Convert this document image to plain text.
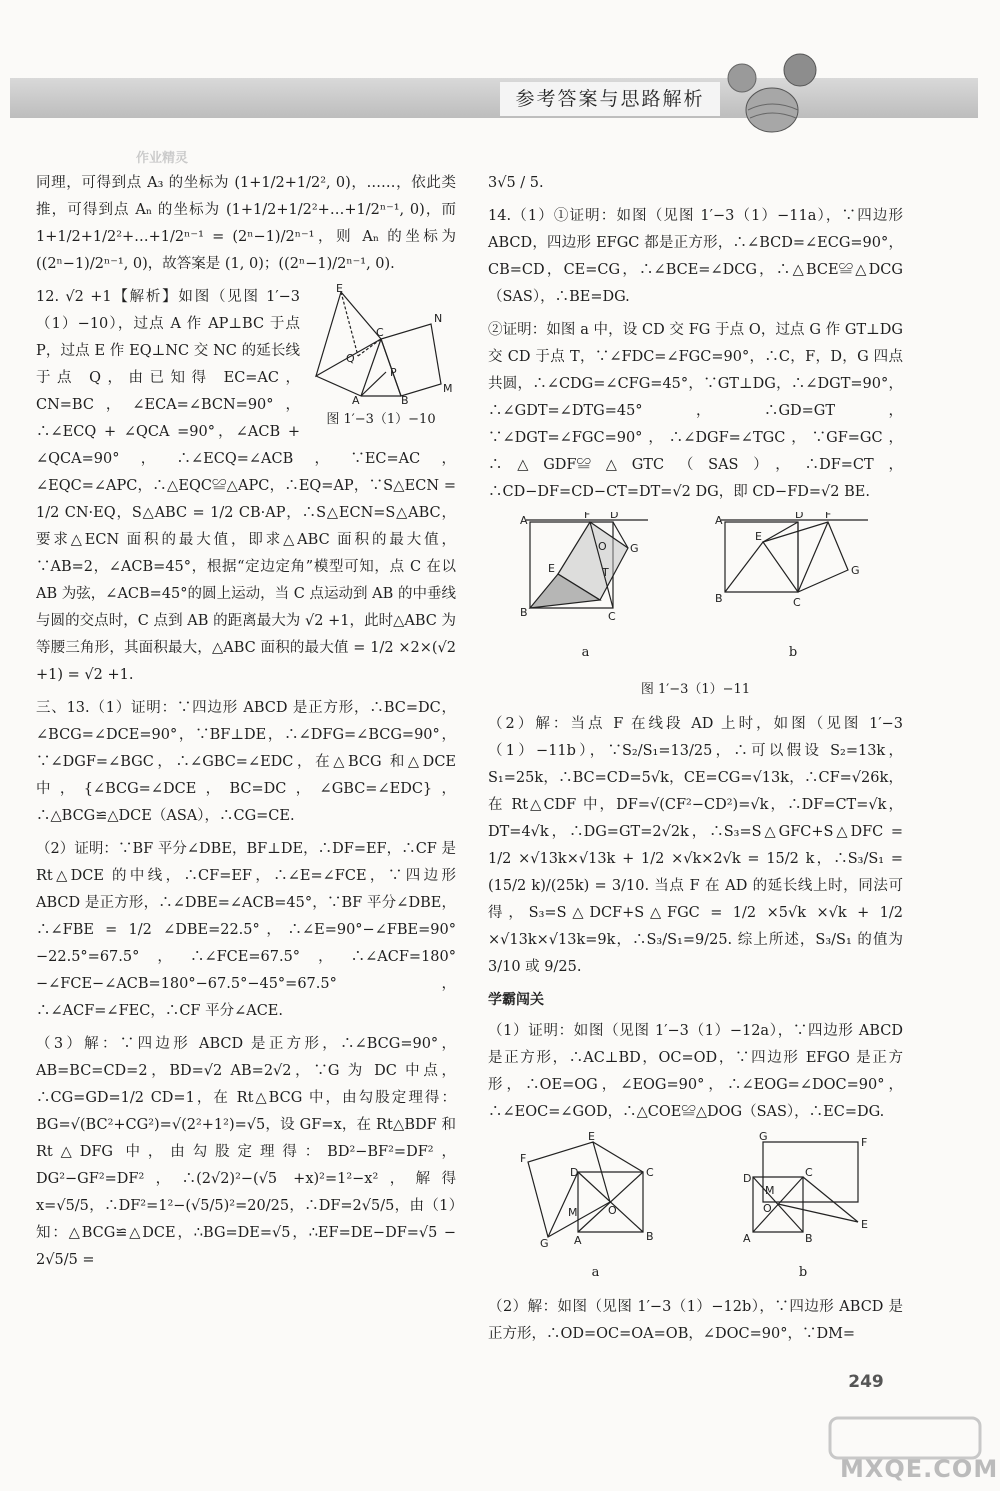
参考答案与思路解析
作业精灵

同理，可得到点 A₃ 的坐标为 (1+1/2+1/2², 0)，……，依此类推，可得到点 Aₙ 的坐标为 (1+1/2+1/2²+…+1/2ⁿ⁻¹, 0)，而 1+1/2+1/2²+…+1/2ⁿ⁻¹ = (2ⁿ−1)/2ⁿ⁻¹，则 Aₙ 的坐标为 ((2ⁿ−1)/2ⁿ⁻¹, 0)，故答案是 (1, 0)；((2ⁿ−1)/2ⁿ⁻¹, 0).

E
Q
C
N
M
A	B
P
图 1′−3（1）−10

12. √2 +1【解析】如图（见图 1′−3（1）−10），过点 A 作 AP⊥BC 于点 P，过点 E 作 EQ⊥NC 交 NC 的延长线于点 Q，由已知得 EC=AC，CN=BC，∠ECA=∠BCN=90°，∴∠ECQ + ∠QCA =90°，∠ACB + ∠QCA=90°，∴∠ECQ=∠ACB，∵EC=AC，∠EQC=∠APC，∴△EQC≌△APC，∴EQ=AP，∵S△ECN = 1/2 CN·EQ，S△ABC = 1/2 CB·AP，∴S△ECN=S△ABC，要求△ECN 面积的最大值，即求△ABC 面积的最大值，∵AB=2，∠ACB=45°，根据“定边定角”模型可知，点 C 在以 AB 为弦，∠ACB=45°的圆上运动，当 C 点运动到 AB 的中垂线与圆的交点时，C 点到 AB 的距离最大为 √2 +1，此时△ABC 为等腰三角形，其面积最大，△ABC 面积的最大值 = 1/2 ×2×(√2 +1) = √2 +1.

三、13.（1）证明：∵四边形 ABCD 是正方形，∴BC=DC，∠BCG=∠DCE=90°，∵BF⊥DE，∴∠DFG=∠BCG=90°，∵∠DGF=∠BGC，∴∠GBC=∠EDC，在△BCG 和△DCE 中，{∠BCG=∠DCE，BC=DC，∠GBC=∠EDC}，∴△BCG≌△DCE（ASA），∴CG=CE.

（2）证明：∵BF 平分∠DBE，BF⊥DE，∴DF=EF，∴CF 是 Rt△DCE 的中线，∴CF=EF，∴∠E=∠FCE，∵四边形 ABCD 是正方形，∴∠DBE=∠ACB=45°，∵BF 平分∠DBE，∴∠FBE = 1/2 ∠DBE=22.5°，∴∠E=90°−∠FBE=90°−22.5°=67.5°，∴∠FCE=67.5°，∴∠ACF=180°−∠FCE−∠ACB=180°−67.5°−45°=67.5°，∴∠ACF=∠FEC，∴CF 平分∠ACE.

（3）解：∵四边形 ABCD 是正方形，∴∠BCG=90°，AB=BC=CD=2，BD=√2 AB=2√2，∵G 为 DC 中点，∴CG=GD=1/2 CD=1，在 Rt△BCG 中，由勾股定理得：BG=√(BC²+CG²)=√(2²+1²)=√5，设 GF=x，在 Rt△BDF 和 Rt△DFG 中，由勾股定理得：BD²−BF²=DF²，DG²−GF²=DF²，∴(2√2)²−(√5 +x)²=1²−x²，解得 x=√5/5，∴DF²=1²−(√5/5)²=20/25，∴DF=2√5/5，由（1）知：△BCG≌△DCE，∴BG=DE=√5，∴EF=DE−DF=√5 − 2√5/5 =

3√5 / 5.

14.（1）①证明：如图（见图 1′−3（1）−11a），∵四边形 ABCD，四边形 EFGC 都是正方形，∴∠BCD=∠ECG=90°，CB=CD，CE=CG，∴∠BCE=∠DCG，∴△BCE≌△DCG（SAS），∴BE=DG.

②证明：如图 a 中，设 CD 交 FG 于点 O，过点 G 作 GT⊥DG 交 CD 于点 T，∵∠FDC=∠FGC=90°，∴C，F，D，G 四点共圆，∴∠CDG=∠CFG=45°，∵GT⊥DG，∴∠DGT=90°，∴∠GDT=∠DTG=45°，∴GD=GT，∵∠DGT=∠FGC=90°，∴∠DGF=∠TGC，∵GF=GC，∴△GDF≌△GTC（SAS），∴DF=CT，∴CD−DF=CD−CT=DT=√2 DG，即 CD−FD=√2 BE.

A	F D
G
E	T
B	C
O
a
A	D F
G
E
B	C
b
图 1′−3（1）−11

（2）解：当点 F 在线段 AD 上时，如图（见图 1′−3（1）−11b），∵S₂/S₁=13/25，∴可以假设 S₂=13k，S₁=25k，∴BC=CD=5√k，CE=CG=√13k，∴CF=√26k，在 Rt△CDF 中，DF=√(CF²−CD²)=√k，∴DF=CT=√k，DT=4√k，∴DG=GT=2√2k，∴S₃=S△GFC+S△DFC = 1/2 ×√13k×√13k + 1/2 ×√k×2√k = 15/2 k，∴S₃/S₁ = (15/2 k)/(25k) = 3/10. 当点 F 在 AD 的延长线上时，同法可得，S₃=S△DCF+S△FGC = 1/2 ×5√k ×√k + 1/2 ×√13k×√13k=9k，∴S₃/S₁=9/25. 综上所述，S₃/S₁ 的值为 3/10 或 9/25.

学霸闯关

（1）证明：如图（见图 1′−3（1）−12a），∵四边形 ABCD 是正方形，∴AC⊥BD，OC=OD，∵四边形 EFGO 是正方形，∴OE=OG，∠EOG=90°，∴∠EOG=∠DOC=90°，∴∠EOC=∠GOD，∴△COE≌△DOG（SAS），∴EC=DG.

E
F
C
D
M	O
G A	B
a
G	F
D	C
M
O
E
A	B
b

（2）解：如图（见图 1′−3（1）−12b），∵四边形 ABCD 是正方形，∴OD=OC=OA=OB，∠DOC=90°，∵DM=

249
MXQE.COM
